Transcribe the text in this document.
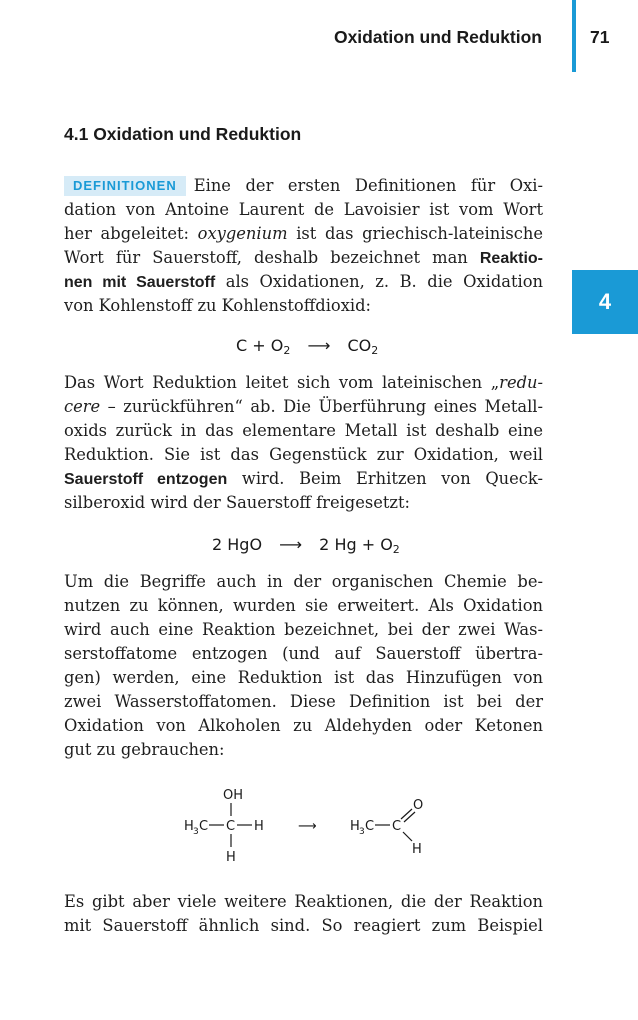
Oxidation und Reduktion	71
4
4.1 Oxidation und Reduktion
DEFINITIONEN Eine der ersten Definitionen für Oxi-
dation von Antoine Laurent de Lavoisier ist vom Wort
her abgeleitet: oxygenium ist das griechisch-lateinische
Wort für Sauerstoff, deshalb bezeichnet man Reaktio-
nen mit Sauerstoff als Oxidationen, z. B. die Oxidation
von Kohlenstoff zu Kohlenstoffdioxid:
$C + O_2$ ⟶ $CO_2$
Das Wort Reduktion leitet sich vom lateinischen „redu-
cere – zurückführen“ ab. Die Überführung eines Metall-
oxids zurück in das elementare Metall ist deshalb eine
Reduktion. Sie ist das Gegenstück zur Oxidation, weil
Sauerstoff entzogen wird. Beim Erhitzen von Queck-
silberoxid wird der Sauerstoff freigesetzt:
2 HgO ⟶ 2 $Hg + O_2$
Um die Begriffe auch in der organischen Chemie be-
nutzen zu können, wurden sie erweitert. Als Oxidation
wird auch eine Reaktion bezeichnet, bei der zwei Was-
serstoffatome entzogen (und auf Sauerstoff übertra-
gen) werden, eine Reduktion ist das Hinzufügen von
zwei Wasserstoffatomen. Diese Definition ist bei der
Oxidation von Alkoholen zu Aldehyden oder Ketonen
gut zu gebrauchen:
OH
H 3 C C H
H
⟶	H 3 C C
O
H
Es gibt aber viele weitere Reaktionen, die der Reaktion
mit Sauerstoff ähnlich sind. So reagiert zum Beispiel
